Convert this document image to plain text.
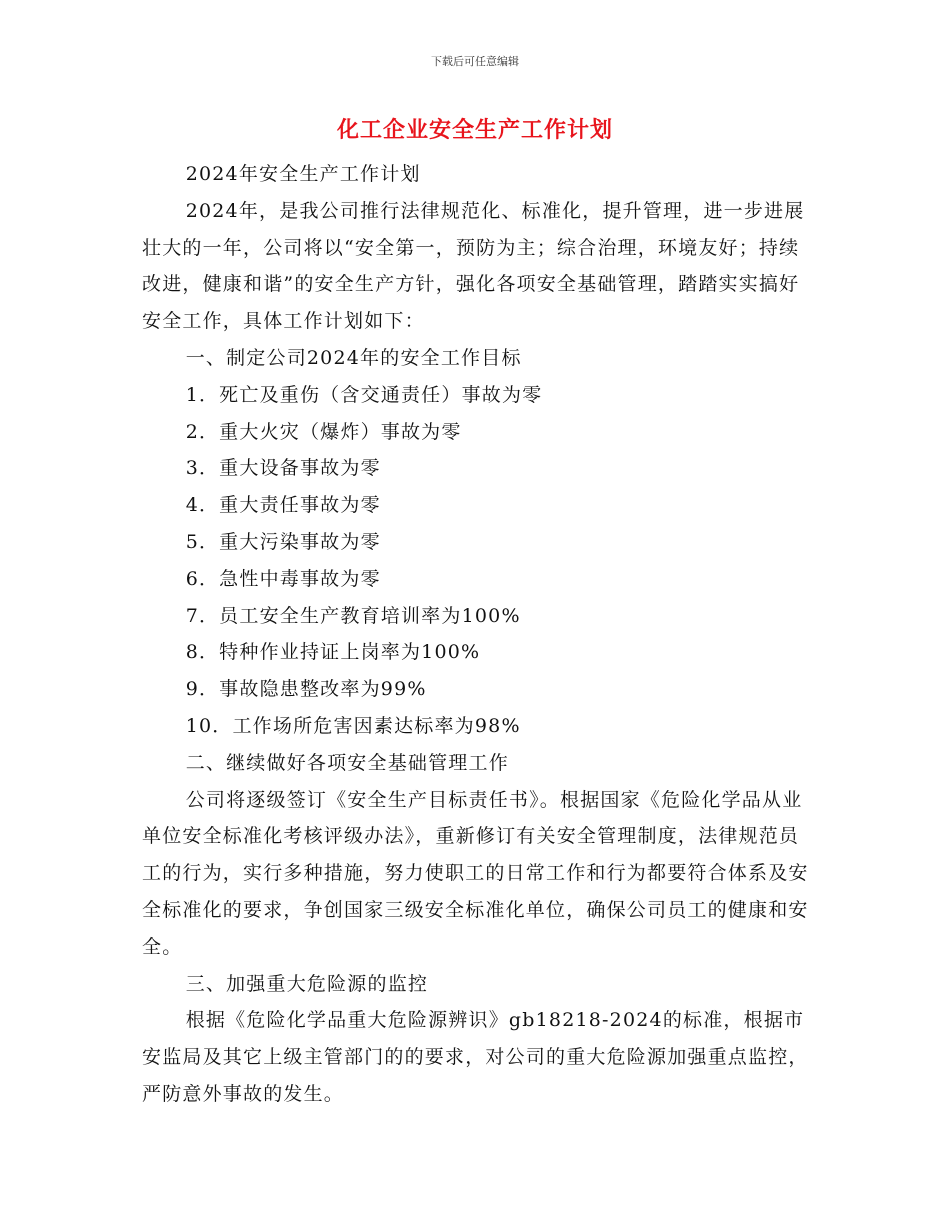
下载后可任意编辑
化工企业安全生产工作计划

2024年安全生产工作计划

2024年，是我公司推行法律规范化、标准化，提升管理，进一步进展壮大的一年，公司将以“安全第一，预防为主；综合治理，环境友好；持续改进，健康和谐”的安全生产方针，强化各项安全基础管理，踏踏实实搞好安全工作，具体工作计划如下：

一、制定公司2024年的安全工作目标

1．死亡及重伤（含交通责任）事故为零

2．重大火灾（爆炸）事故为零

3．重大设备事故为零

4．重大责任事故为零

5．重大污染事故为零

6．急性中毒事故为零

7．员工安全生产教育培训率为100%

8．特种作业持证上岗率为100%

9．事故隐患整改率为99%

10．工作场所危害因素达标率为98%

二、继续做好各项安全基础管理工作

公司将逐级签订《安全生产目标责任书》。根据国家《危险化学品从业单位安全标准化考核评级办法》，重新修订有关安全管理制度，法律规范员工的行为，实行多种措施，努力使职工的日常工作和行为都要符合体系及安全标准化的要求，争创国家三级安全标准化单位，确保公司员工的健康和安全。

三、加强重大危险源的监控

根据《危险化学品重大危险源辨识》gb18218-2024的标准，根据市安监局及其它上级主管部门的的要求，对公司的重大危险源加强重点监控，严防意外事故的发生。
